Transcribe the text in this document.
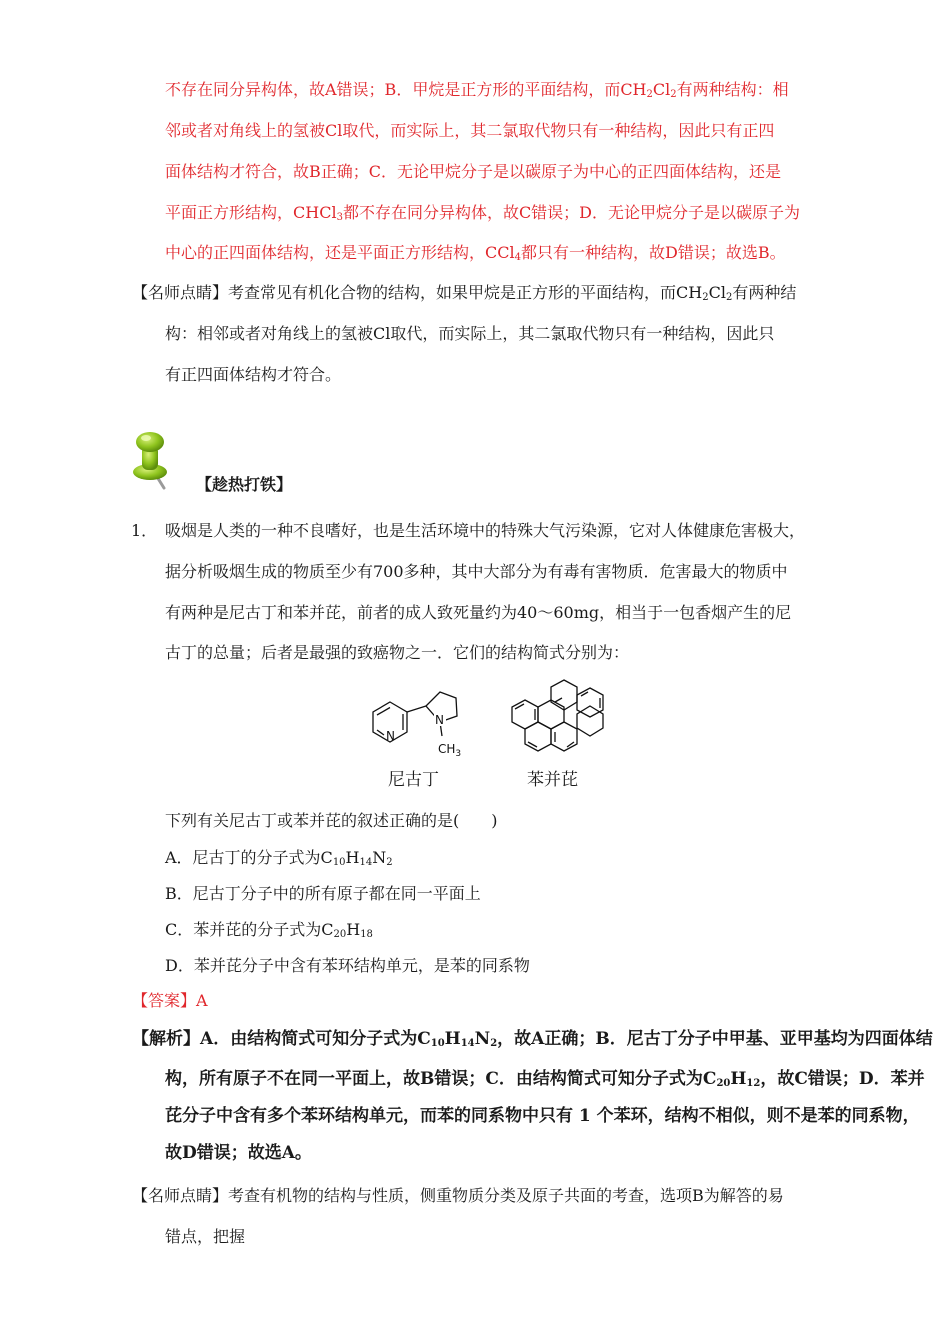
不存在同分异构体，故A错误；B．甲烷是正方形的平面结构，而$CH_2Cl_2$有两种结构：相
邻或者对角线上的氢被Cl取代，而实际上，其二氯取代物只有一种结构，因此只有正四
面体结构才符合，故B正确；C．无论甲烷分子是以碳原子为中心的正四面体结构，还是
平面正方形结构，CHCl$_3$都不存在同分异构体，故C错误；D．无论甲烷分子是以碳原子为
中心的正四面体结构，还是平面正方形结构，CCl$_4$都只有一种结构，故D错误；故选B。
【名师点睛】考查常见有机化合物的结构，如果甲烷是正方形的平面结构，而$CH_2Cl_2$有两种结
构：相邻或者对角线上的氢被Cl取代，而实际上，其二氯取代物只有一种结构，因此只
有正四面体结构才符合。
【趁热打铁】
1． 吸烟是人类的一种不良嗜好，也是生活环境中的特殊大气污染源，它对人体健康危害极大，
据分析吸烟生成的物质至少有700多种，其中大部分为有毒有害物质．危害最大的物质中
有两种是尼古丁和苯并芘，前者的成人致死量约为40～60mg，相当于一包香烟产生的尼
古丁的总量；后者是最强的致癌物之一．它们的结构简式分别为：
N
N
$CH_3$
尼古丁	苯并芘
下列有关尼古丁或苯并芘的叙述正确的是(　　)
A．尼古丁的分子式为$C_{10}H_{14}N_2$
B．尼古丁分子中的所有原子都在同一平面上
C．苯并芘的分子式为$C_{20}H_{18}$
D．苯并芘分子中含有苯环结构单元，是苯的同系物
【答案】A
【解析】A．由结构简式可知分子式为$C_{10}H_{14}N_2$，故A正确；B．尼古丁分子中甲基、亚甲基均为四面体结
构，所有原子不在同一平面上，故B错误；C．由结构简式可知分子式为$C_{20}H_{12}$，故C错误；D．苯并
芘分子中含有多个苯环结构单元，而苯的同系物中只有 1 个苯环，结构不相似，则不是苯的同系物，
故D错误；故选A。
【名师点睛】考查有机物的结构与性质，侧重物质分类及原子共面的考查，选项B为解答的易
错点，把握
